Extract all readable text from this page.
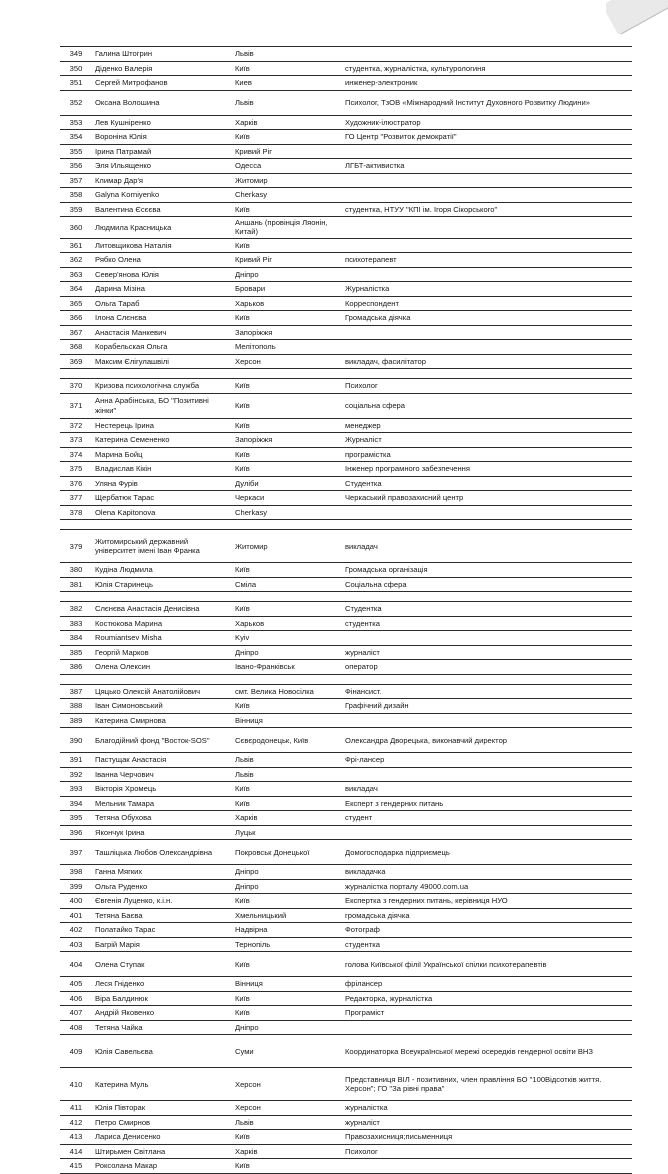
349	Галина Штогрин	Львів	
350	Діденко Валерія	Київ	студентка, журналістка, культурологиня
351	Сергей Митрофанов	Киев	инженер-электроник
352	Оксана Волошина	Львів	Психолог, ТзОВ «Міжнародний Інститут Духовного Розвитку Людини»
353	Лев Кушніренко	Харків	Художник-ілюстратор
354	Вороніна Юлія	Київ	ГО Центр "Розвиток демократії"
355	Ірина Патрамай	Кривий Ріг	
356	Эля Ильященко	Одесса	ЛГБТ-активистка
357	Климар Дар'я	Житомир	
358	Galyna Korniyenko	Cherkasy	
359	Валентина Єсєєва	Київ	студентка, НТУУ "КПІ ім. Ігоря Сікорського"
360	Людмила Красницька	Аншань (провінція Ляонін, Китай)	
361	Литовщикова Наталія	Київ	
362	Рябко Олена	Кривий Ріг	психотерапевт
363	Север'янова Юлія	Дніпро	
364	Дарина Мізіна	Бровари	Журналістка
365	Ольга Тараб	Харьков	Корреспондент
366	Ілона Слєнєва	Київ	Громадська діячка
367	Анастасія Манкевич	Запоріжжя	
368	Корабельская Ольга	Мелітополь	
369	Максим Єлігулашвілі	Херсон	викладач, фасилітатор

370	Кризова психологічна служба	Київ	Психолог
371	Анна Арабінська, БО "Позитивні жінки"	Київ	соціальна сфера
372	Нестерець Ірина	Київ	менеджер
373	Катерина Семененко	Запоріжжя	Журналіст
374	Марина Бойц	Київ	програмістка
375	Владислав Кікін	Київ	Інженер програмного забезпечення
376	Уляна Фурів	Дуліби	Студентка
377	Щербатюк Тарас	Черкаси	Черкаський правозахисний центр
378	Olena Kapitonova	Cherkasy	

379	Житомирський державний університет імені Іван Франка	Житомир	викладач
380	Кудіна Людмила	Київ	Громадська організація
381	Юлія Старинець	Сміла	Соціальна сфера

382	Слєнєва Анастасія Денисівна	Київ	Студентка
383	Костюкова Марина	Харьков	студентка
384	Roumiantsev Misha	Kyiv	
385	Георгій Марков	Дніпро	журналіст
386	Олена Олексин	Івано-Франківськ	оператор

387	Цяцько Олексій Анатолійович	смт. Велика Новосілка	Фінансист.
388	Іван Симоновський	Київ	Графічний дизайн
389	Катерина Смирнова	Вінниця	
390	Благодійний фонд "Восток-SOS"	Сєвєродонецьк, Київ	Олександра Дворецька, виконавчий директор
391	Пастущак Анастасія	Львів	Фрі-лансер
392	Іванна Черчович	Львів	
393	Вікторія Хромець	Київ	викладач
394	Мельник Тамара	Київ	Експерт з гендерних питань
395	Тетяна Обухова	Харків	студент
396	Якончук Ірина	Луцьк	
397	Ташліцька Любов Олександрівна	Покровськ Донецької	Домогосподарка підприємець
398	Ганна Мягких	Дніпро	викладачка
399	Ольга Руденко	Дніпро	журналістка порталу 49000.com.ua
400	Євгенія Луценко, к.і.н.	Київ	Експертка з гендерних питань, керівниця НУО
401	Тетяна Баєва	Хмельницький	громадська діячка
402	Полатайко Тарас	Надвірна	Фотограф
403	Багрій Марія	Тернопіль	студентка
404	Олена Ступак	Київ	голова Київської філії Української спілки психотерапевтів
405	Леся Гніденко	Вінниця	фрілансер
406	Віра Балдинюк	Київ	Редакторка, журналістка
407	Андрій Яковенко	Київ	Програміст
408	Тетяна Чайка	Дніпро	
409	Юлія Савельєва	Суми	Координаторка Всеукраїнської мережі осередків гендерної освіти ВНЗ
410	Катерина Муль	Херсон	Представниця ВІЛ - позитивних, член правління БО "100Відсотків життя. Херсон"; ГО "За рівні права"
411	Юлія Півторак	Херсон	журналістка
412	Петро Смирнов	Львів	журналіст
413	Лариса Денисенко	Київ	Правозахисниця;письменниця
414	Штирьмен Світлана	Харків	Психолог
415	Роксолана Макар	Київ	
